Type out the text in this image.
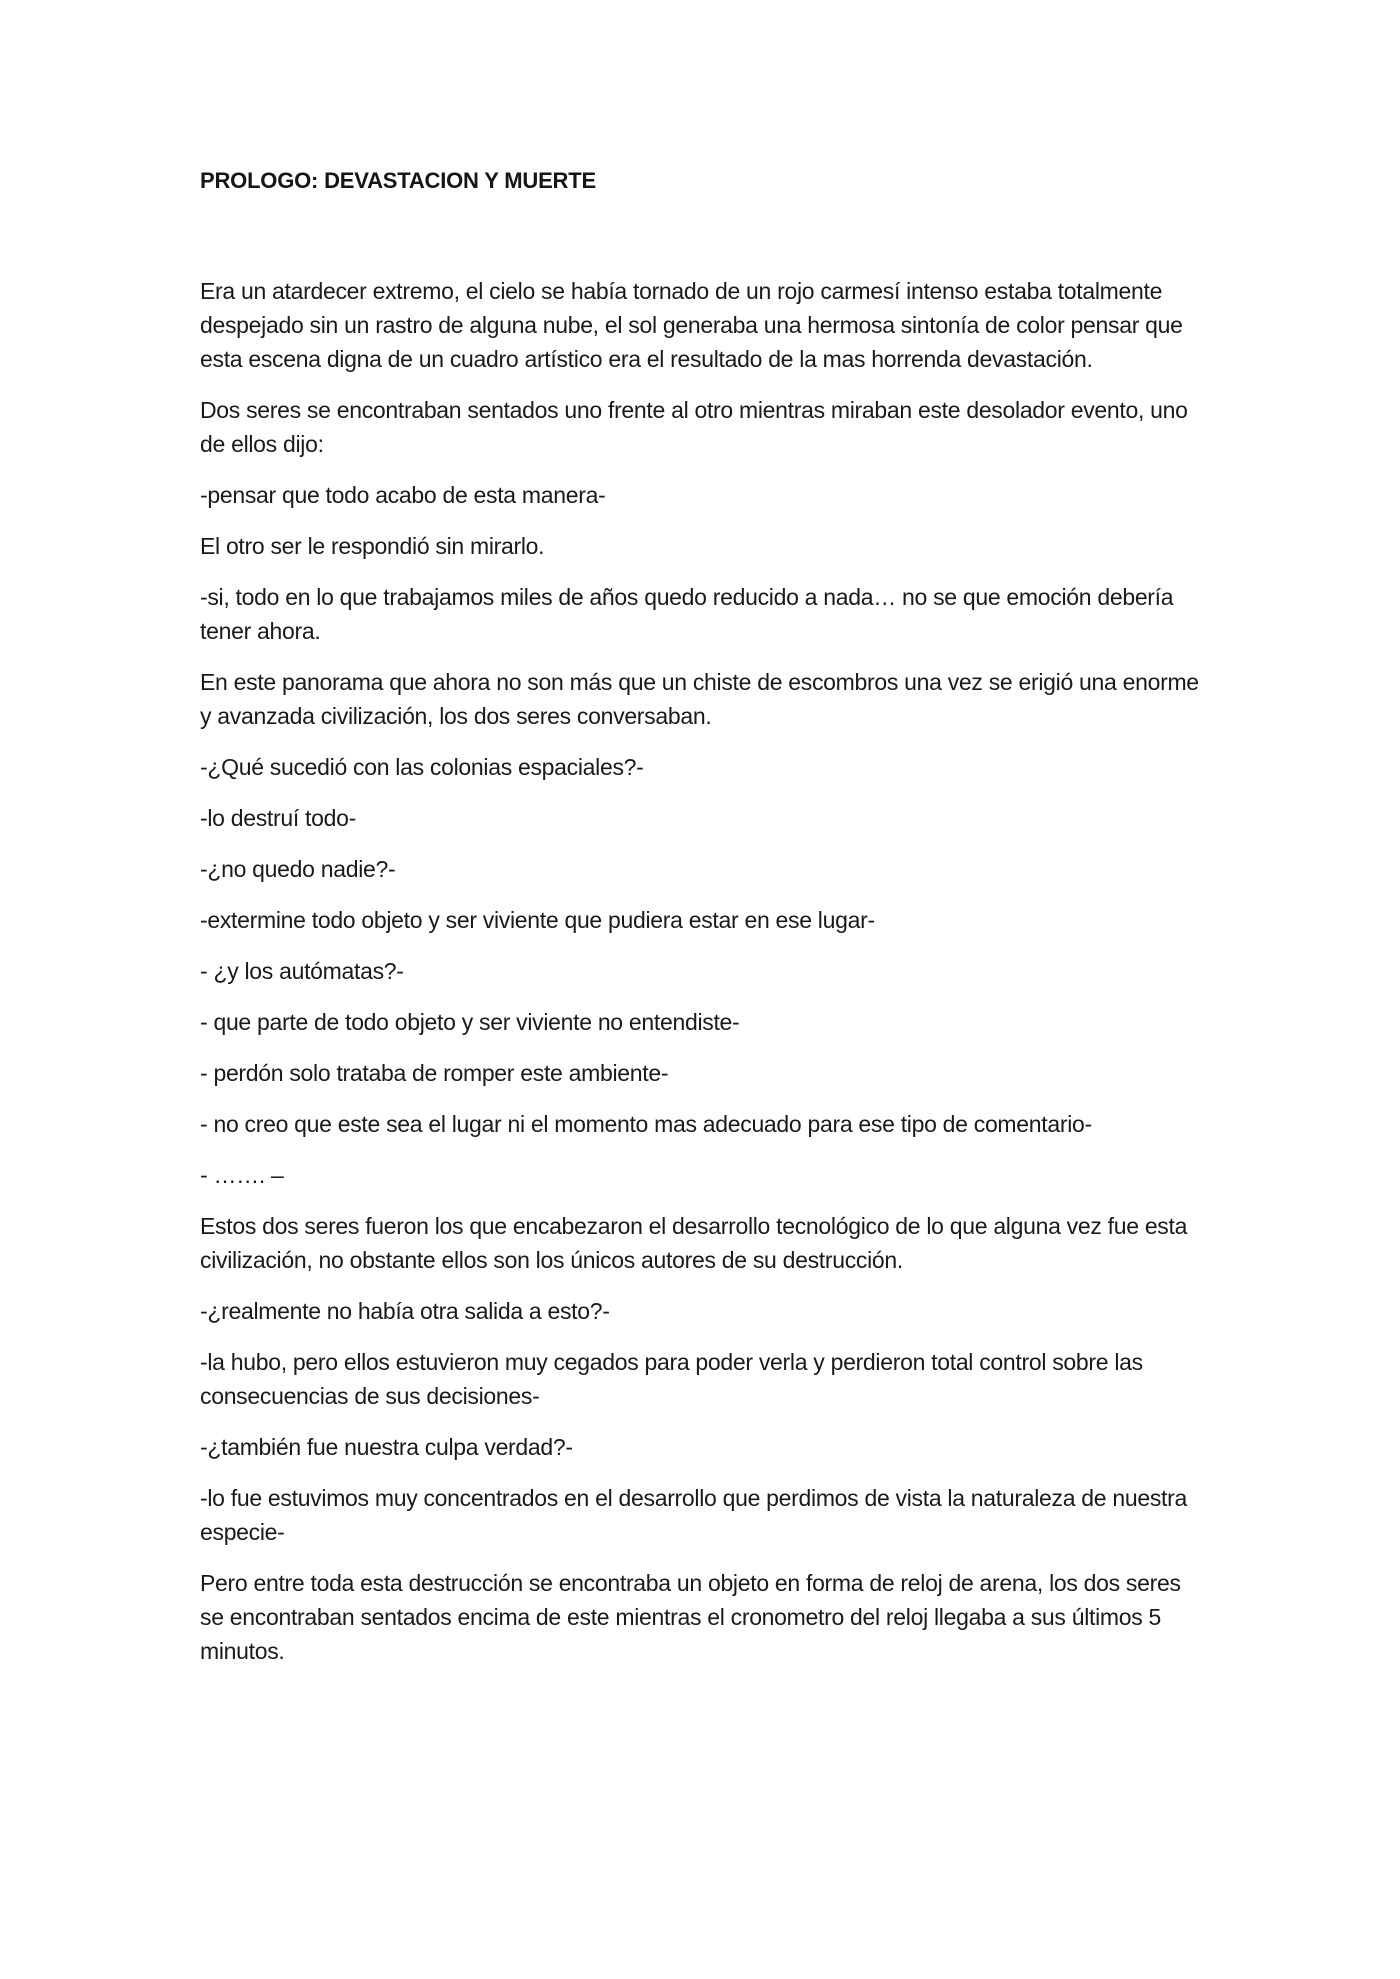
PROLOGO: DEVASTACION Y MUERTE

Era un atardecer extremo, el cielo se había tornado de un rojo carmesí intenso estaba totalmente despejado sin un rastro de alguna nube, el sol generaba una hermosa sintonía de color pensar que esta escena digna de un cuadro artístico era el resultado de la mas horrenda devastación.

Dos seres se encontraban sentados uno frente al otro mientras miraban este desolador evento, uno de ellos dijo:

-pensar que todo acabo de esta manera-

El otro ser le respondió sin mirarlo.

-si, todo en lo que trabajamos miles de años quedo reducido a nada… no se que emoción debería tener ahora.

En este panorama que ahora no son más que un chiste de escombros una vez se erigió una enorme y avanzada civilización, los dos seres conversaban.

-¿Qué sucedió con las colonias espaciales?-

-lo destruí todo-

-¿no quedo nadie?-

-extermine todo objeto y ser viviente que pudiera estar en ese lugar-

- ¿y los autómatas?-

- que parte de todo objeto y ser viviente no entendiste-

- perdón solo trataba de romper este ambiente-

- no creo que este sea el lugar ni el momento mas adecuado para ese tipo de comentario-

- ……. –

Estos dos seres fueron los que encabezaron el desarrollo tecnológico de lo que alguna vez fue esta civilización, no obstante ellos son los únicos autores de su destrucción.

-¿realmente no había otra salida a esto?-

-la hubo, pero ellos estuvieron muy cegados para poder verla y perdieron total control sobre las consecuencias de sus decisiones-

-¿también fue nuestra culpa verdad?-

-lo fue estuvimos muy concentrados en el desarrollo que perdimos de vista la naturaleza de nuestra especie-

Pero entre toda esta destrucción se encontraba un objeto en forma de reloj de arena, los dos seres se encontraban sentados encima de este mientras el cronometro del reloj llegaba a sus últimos 5 minutos.
